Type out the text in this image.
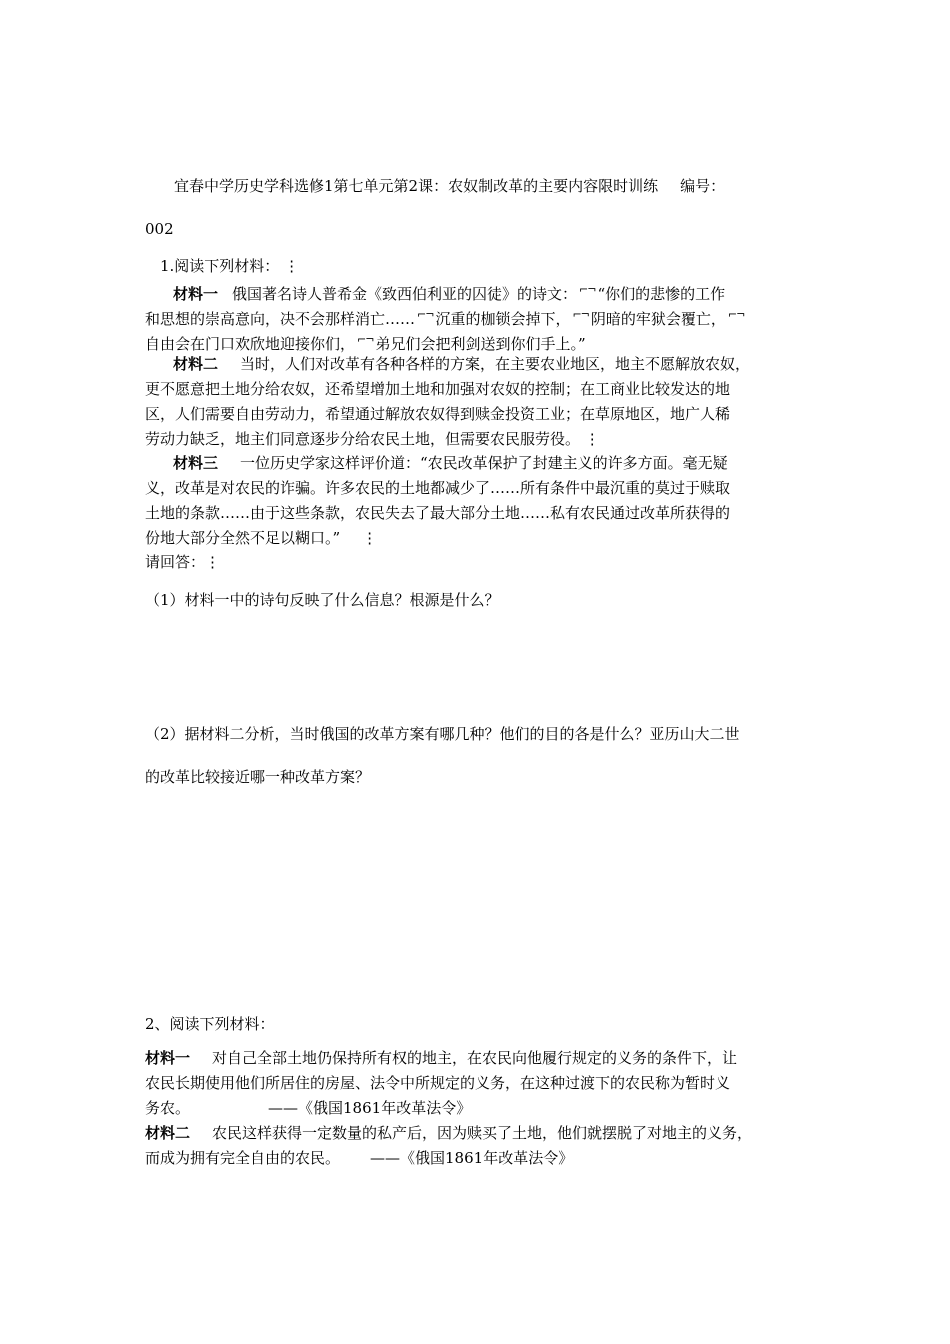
宜春中学历史学科选修1第七单元第2课：农奴制改革的主要内容限时训练 编号：
002
1.阅读下列材料： ⋮
材料一 俄国著名诗人普希金《致西伯利亚的囚徒》的诗文： ⌐¬ “你们的悲惨的工作
和思想的崇高意向，决不会那样消亡…… ⌐¬ 沉重的枷锁会掉下， ⌐¬ 阴暗的牢狱会覆亡， ⌐¬
自由会在门口欢欣地迎接你们， ⌐¬ 弟兄们会把利剑送到你们手上。”
材料二 当时，人们对改革有各种各样的方案，在主要农业地区，地主不愿解放农奴，
更不愿意把土地分给农奴，还希望增加土地和加强对农奴的控制；在工商业比较发达的地
区，人们需要自由劳动力，希望通过解放农奴得到赎金投资工业；在草原地区，地广人稀
劳动力缺乏，地主们同意逐步分给农民土地，但需要农民服劳役。 ⋮
材料三 一位历史学家这样评价道：“农民改革保护了封建主义的许多方面。毫无疑
义，改革是对农民的诈骗。许多农民的土地都减少了……所有条件中最沉重的莫过于赎取
土地的条款……由于这些条款，农民失去了最大部分土地……私有农民通过改革所获得的
份地大部分全然不足以糊口。” ⋮
请回答：⋮
（1）材料一中的诗句反映了什么信息？根源是什么？
（2）据材料二分析，当时俄国的改革方案有哪几种？他们的目的各是什么？亚历山大二世
的改革比较接近哪一种改革方案？
2、阅读下列材料：
材料一 对自己全部土地仍保持所有权的地主，在农民向他履行规定的义务的条件下，让
农民长期使用他们所居住的房屋、法令中所规定的义务，在这种过渡下的农民称为暂时义
务农。	——《俄国1861年改革法令》
材料二 农民这样获得一定数量的私产后，因为赎买了土地，他们就摆脱了对地主的义务，
而成为拥有完全自由的农民。 ——《俄国1861年改革法令》
